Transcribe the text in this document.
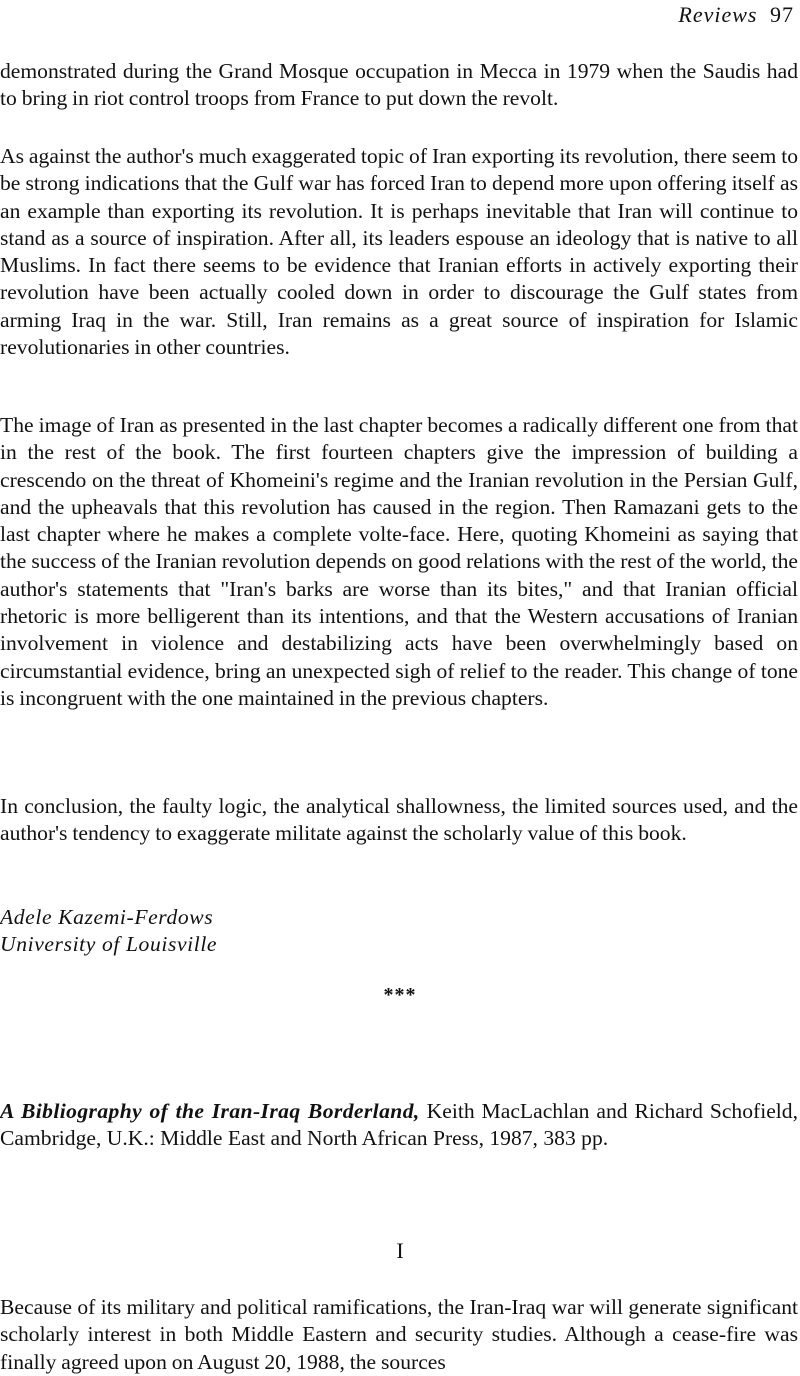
Reviews 97

demonstrated during the Grand Mosque occupation in Mecca in 1979 when the Saudis had to bring in riot control troops from France to put down the revolt.

As against the author's much exaggerated topic of Iran exporting its revolution, there seem to be strong indications that the Gulf war has forced Iran to depend more upon offering itself as an example than exporting its revolution. It is perhaps inevitable that Iran will continue to stand as a source of inspiration. After all, its leaders espouse an ideology that is native to all Muslims. In fact there seems to be evidence that Iranian efforts in actively exporting their revolution have been actually cooled down in order to discourage the Gulf states from arming Iraq in the war. Still, Iran remains as a great source of inspiration for Islamic revolutionaries in other countries.

The image of Iran as presented in the last chapter becomes a radically different one from that in the rest of the book. The first fourteen chapters give the impression of building a crescendo on the threat of Khomeini's regime and the Iranian revolution in the Persian Gulf, and the upheavals that this revolution has caused in the region. Then Ramazani gets to the last chapter where he makes a complete volte-face. Here, quoting Khomeini as saying that the success of the Iranian revolution depends on good relations with the rest of the world, the author's statements that "Iran's barks are worse than its bites," and that Iranian official rhetoric is more belligerent than its intentions, and that the Western accusations of Iranian involvement in violence and destabilizing acts have been overwhelmingly based on circumstantial evidence, bring an unexpected sigh of relief to the reader. This change of tone is incongruent with the one maintained in the previous chapters.

In conclusion, the faulty logic, the analytical shallowness, the limited sources used, and the author's tendency to exaggerate militate against the scholarly value of this book.

Adele Kazemi-Ferdows
University of Louisville
***

A Bibliography of the Iran-Iraq Borderland, Keith MacLachlan and Richard Schofield, Cambridge, U.K.: Middle East and North African Press, 1987, 383 pp.

I

Because of its military and political ramifications, the Iran-Iraq war will generate significant scholarly interest in both Middle Eastern and security studies. Although a cease-fire was finally agreed upon on August 20, 1988, the sources
